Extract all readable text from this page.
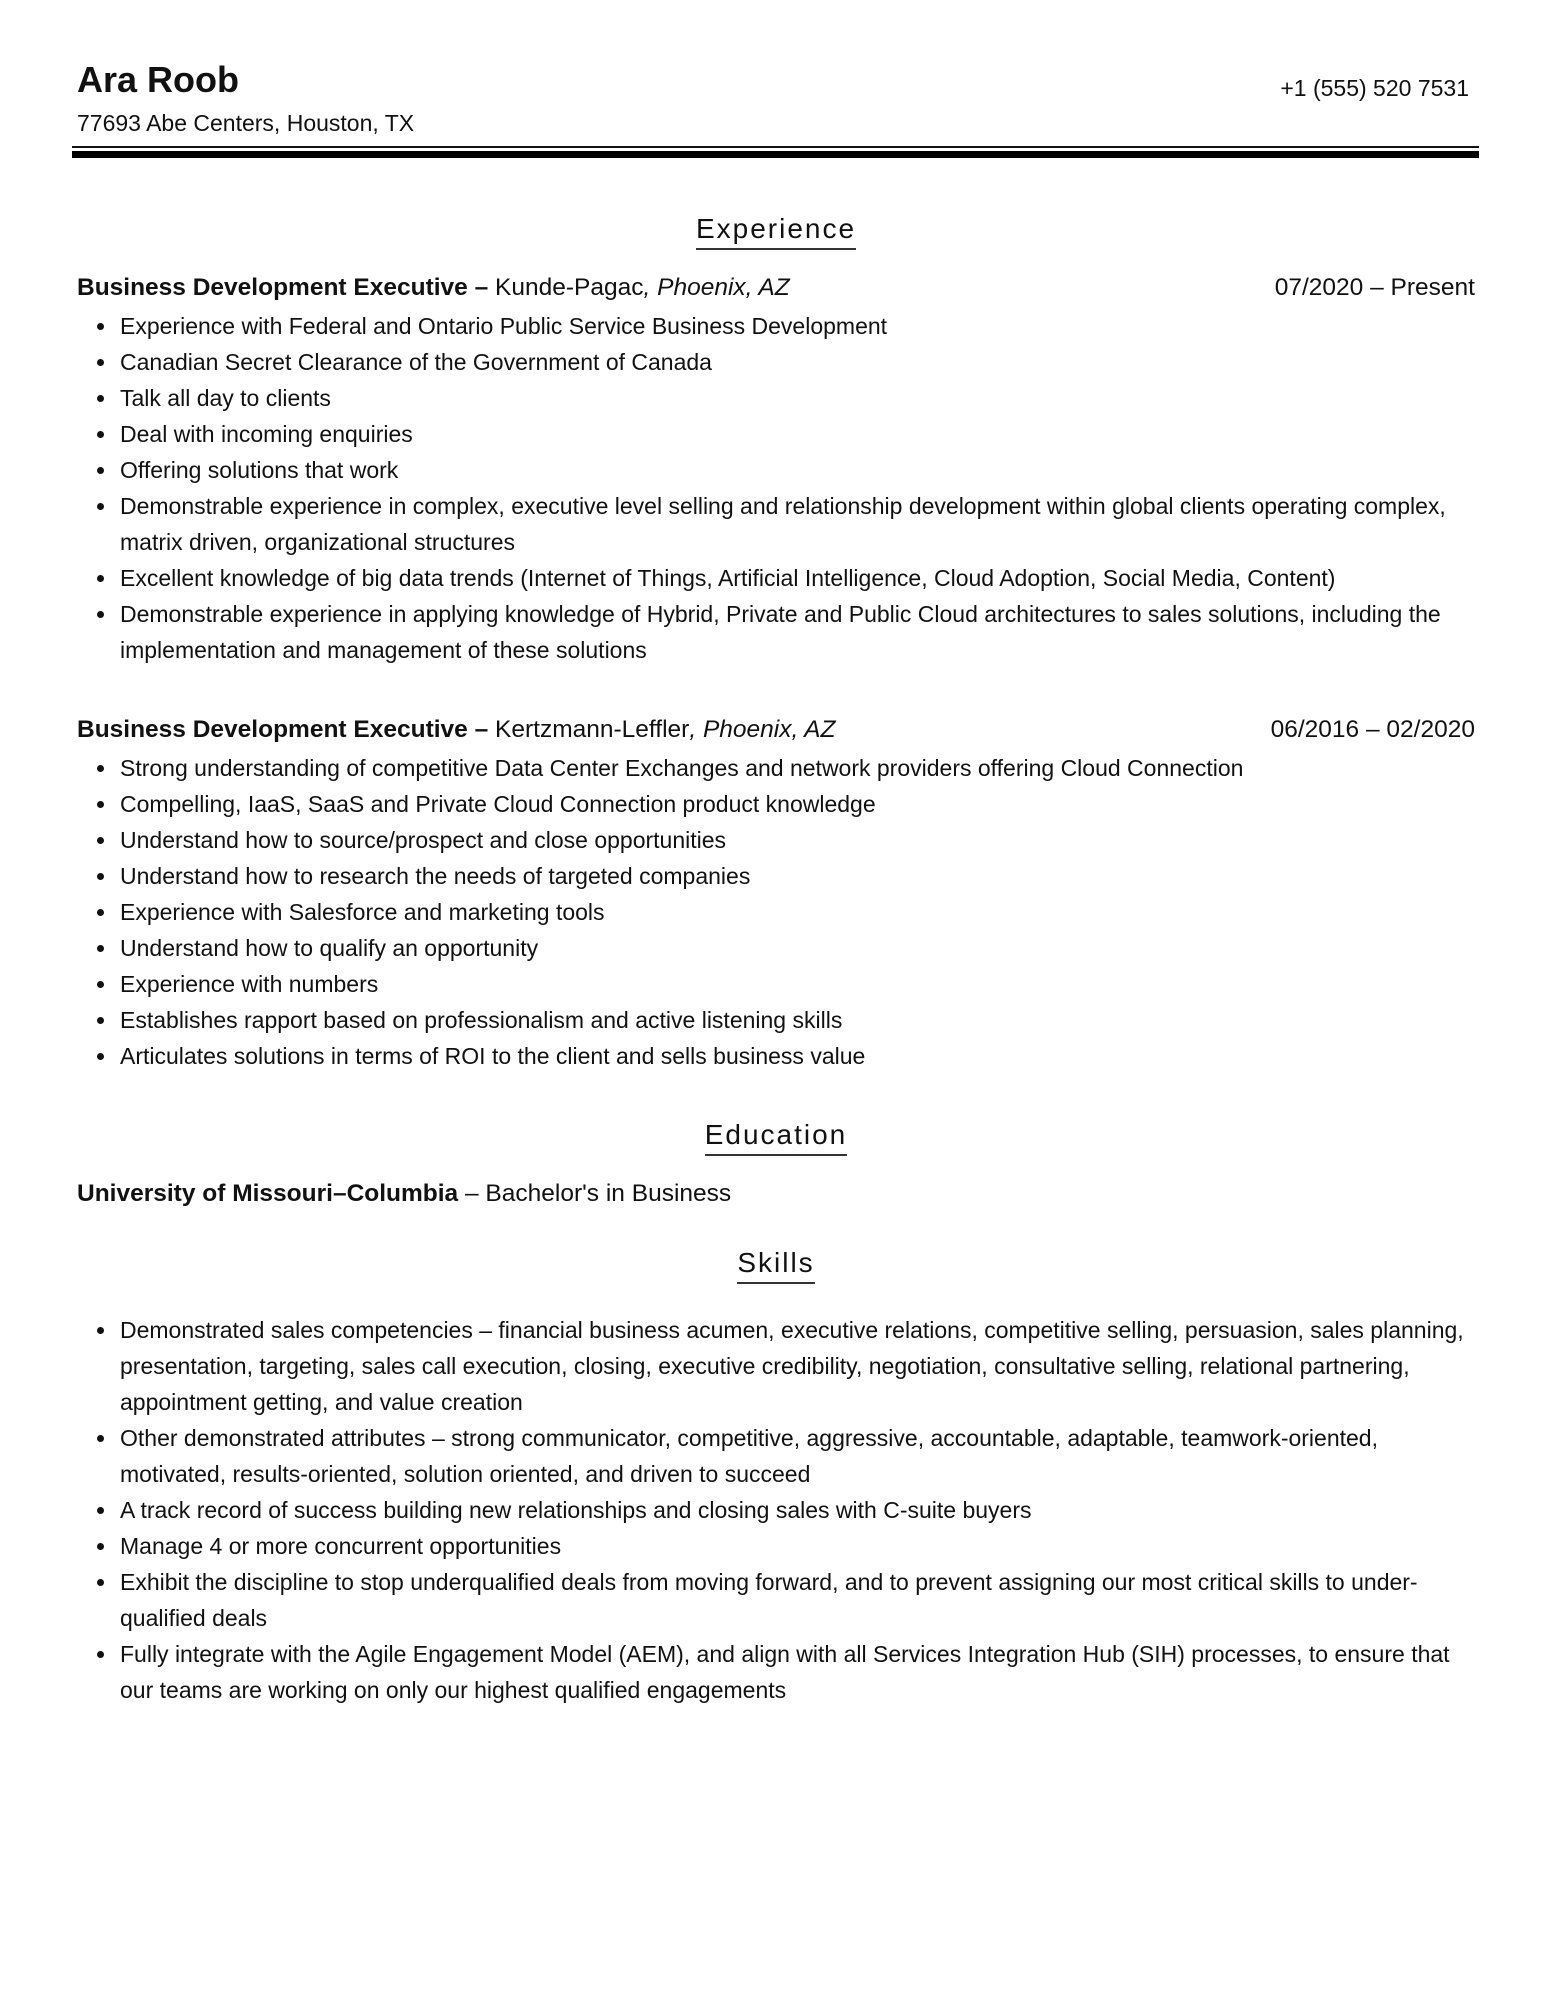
Ara Roob
77693 Abe Centers, Houston, TX
+1 (555) 520 7531
Experience
Business Development Executive – Kunde-Pagac, Phoenix, AZ	07/2020 – Present
Experience with Federal and Ontario Public Service Business Development
Canadian Secret Clearance of the Government of Canada
Talk all day to clients
Deal with incoming enquiries
Offering solutions that work
Demonstrable experience in complex, executive level selling and relationship development within global clients operating complex, matrix driven, organizational structures
Excellent knowledge of big data trends (Internet of Things, Artificial Intelligence, Cloud Adoption, Social Media, Content)
Demonstrable experience in applying knowledge of Hybrid, Private and Public Cloud architectures to sales solutions, including the implementation and management of these solutions
Business Development Executive – Kertzmann-Leffler, Phoenix, AZ	06/2016 – 02/2020
Strong understanding of competitive Data Center Exchanges and network providers offering Cloud Connection
Compelling, IaaS, SaaS and Private Cloud Connection product knowledge
Understand how to source/prospect and close opportunities
Understand how to research the needs of targeted companies
Experience with Salesforce and marketing tools
Understand how to qualify an opportunity
Experience with numbers
Establishes rapport based on professionalism and active listening skills
Articulates solutions in terms of ROI to the client and sells business value
Education
University of Missouri–Columbia – Bachelor's in Business
Skills
Demonstrated sales competencies – financial business acumen, executive relations, competitive selling, persuasion, sales planning, presentation, targeting, sales call execution, closing, executive credibility, negotiation, consultative selling, relational partnering, appointment getting, and value creation
Other demonstrated attributes – strong communicator, competitive, aggressive, accountable, adaptable, teamwork-oriented, motivated, results-oriented, solution oriented, and driven to succeed
A track record of success building new relationships and closing sales with C-suite buyers
Manage 4 or more concurrent opportunities
Exhibit the discipline to stop underqualified deals from moving forward, and to prevent assigning our most critical skills to under-qualified deals
Fully integrate with the Agile Engagement Model (AEM), and align with all Services Integration Hub (SIH) processes, to ensure that our teams are working on only our highest qualified engagements
